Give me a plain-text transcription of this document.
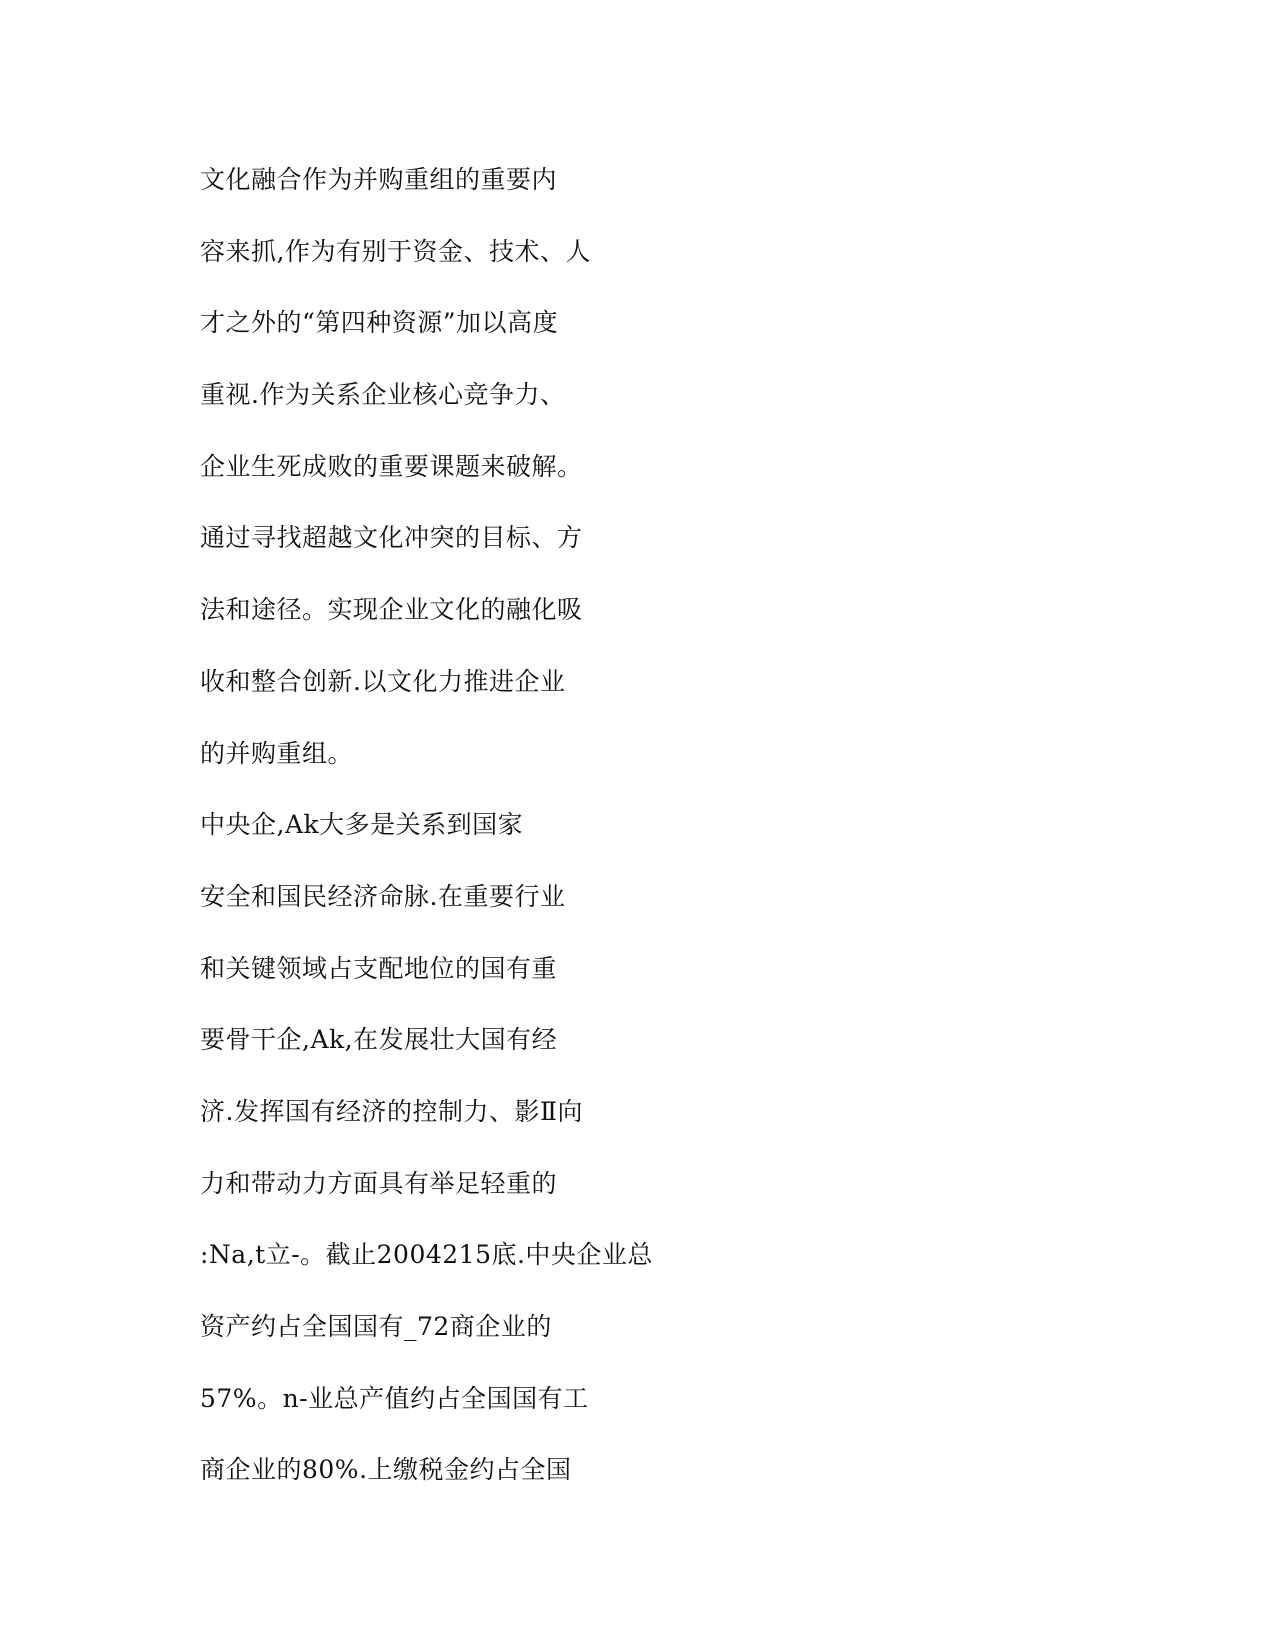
文化融合作为并购重组的重要内
容来抓,作为有别于资金、技术、人
才之外的“第四种资源”加以高度
重视.作为关系企业核心竞争力、
企业生死成败的重要课题来破解。
通过寻找超越文化冲突的目标、方
法和途径。实现企业文化的融化吸
收和整合创新.以文化力推进企业
的并购重组。
中央企,Ak大多是关系到国家
安全和国民经济命脉.在重要行业
和关键领域占支配地位的国有重
要骨干企,Ak,在发展壮大国有经
济.发挥国有经济的控制力、影Ⅱ向
力和带动力方面具有举足轻重的
:Na,t立-。截止2004215底.中央企业总
资产约占全国国有_72商企业的
57%。n-业总产值约占全国国有工
商企业的80%.上缴税金约占全国
